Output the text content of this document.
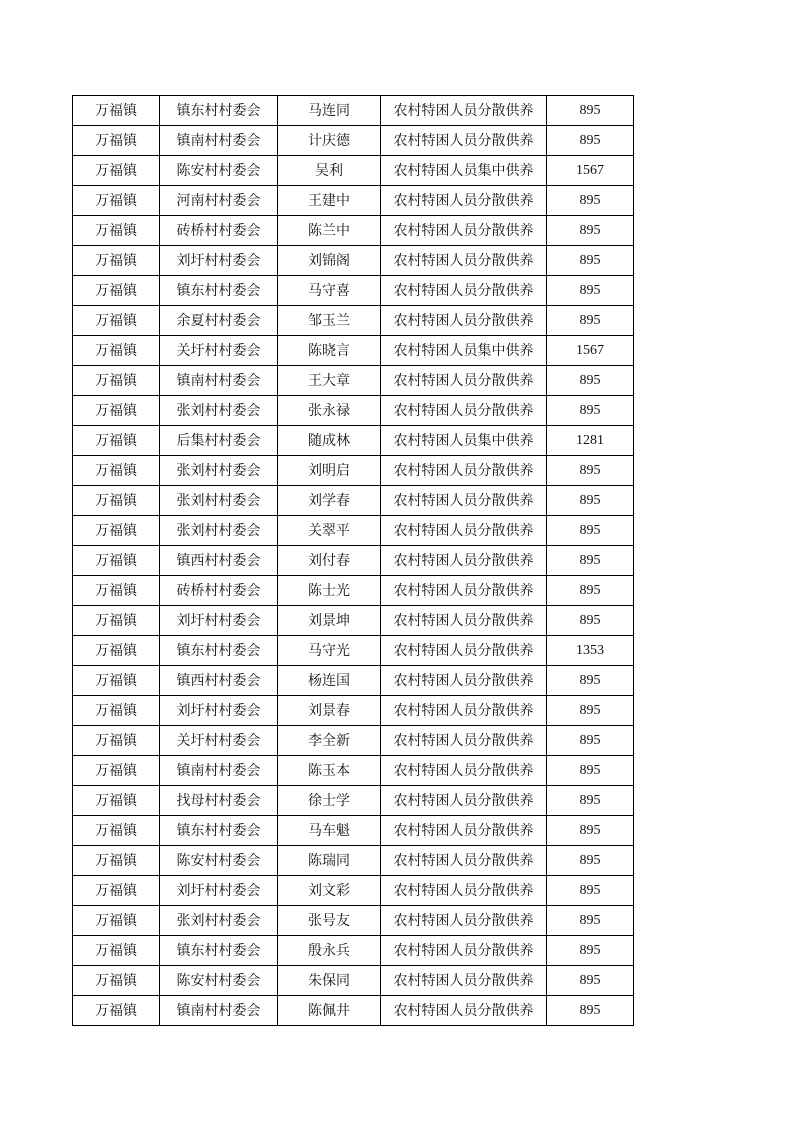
万福镇	镇东村村委会	马连同	农村特困人员分散供养	895
万福镇	镇南村村委会	计庆德	农村特困人员分散供养	895
万福镇	陈安村村委会	吴利	农村特困人员集中供养	1567
万福镇	河南村村委会	王建中	农村特困人员分散供养	895
万福镇	砖桥村村委会	陈兰中	农村特困人员分散供养	895
万福镇	刘圩村村委会	刘锦阁	农村特困人员分散供养	895
万福镇	镇东村村委会	马守喜	农村特困人员分散供养	895
万福镇	余夏村村委会	邹玉兰	农村特困人员分散供养	895
万福镇	关圩村村委会	陈晓言	农村特困人员集中供养	1567
万福镇	镇南村村委会	王大章	农村特困人员分散供养	895
万福镇	张刘村村委会	张永禄	农村特困人员分散供养	895
万福镇	后集村村委会	随成林	农村特困人员集中供养	1281
万福镇	张刘村村委会	刘明启	农村特困人员分散供养	895
万福镇	张刘村村委会	刘学春	农村特困人员分散供养	895
万福镇	张刘村村委会	关翠平	农村特困人员分散供养	895
万福镇	镇西村村委会	刘付春	农村特困人员分散供养	895
万福镇	砖桥村村委会	陈士光	农村特困人员分散供养	895
万福镇	刘圩村村委会	刘景坤	农村特困人员分散供养	895
万福镇	镇东村村委会	马守光	农村特困人员分散供养	1353
万福镇	镇西村村委会	杨连国	农村特困人员分散供养	895
万福镇	刘圩村村委会	刘景春	农村特困人员分散供养	895
万福镇	关圩村村委会	李全新	农村特困人员分散供养	895
万福镇	镇南村村委会	陈玉本	农村特困人员分散供养	895
万福镇	找母村村委会	徐士学	农村特困人员分散供养	895
万福镇	镇东村村委会	马车魁	农村特困人员分散供养	895
万福镇	陈安村村委会	陈瑞同	农村特困人员分散供养	895
万福镇	刘圩村村委会	刘文彩	农村特困人员分散供养	895
万福镇	张刘村村委会	张号友	农村特困人员分散供养	895
万福镇	镇东村村委会	殷永兵	农村特困人员分散供养	895
万福镇	陈安村村委会	朱保同	农村特困人员分散供养	895
万福镇	镇南村村委会	陈佩井	农村特困人员分散供养	895
